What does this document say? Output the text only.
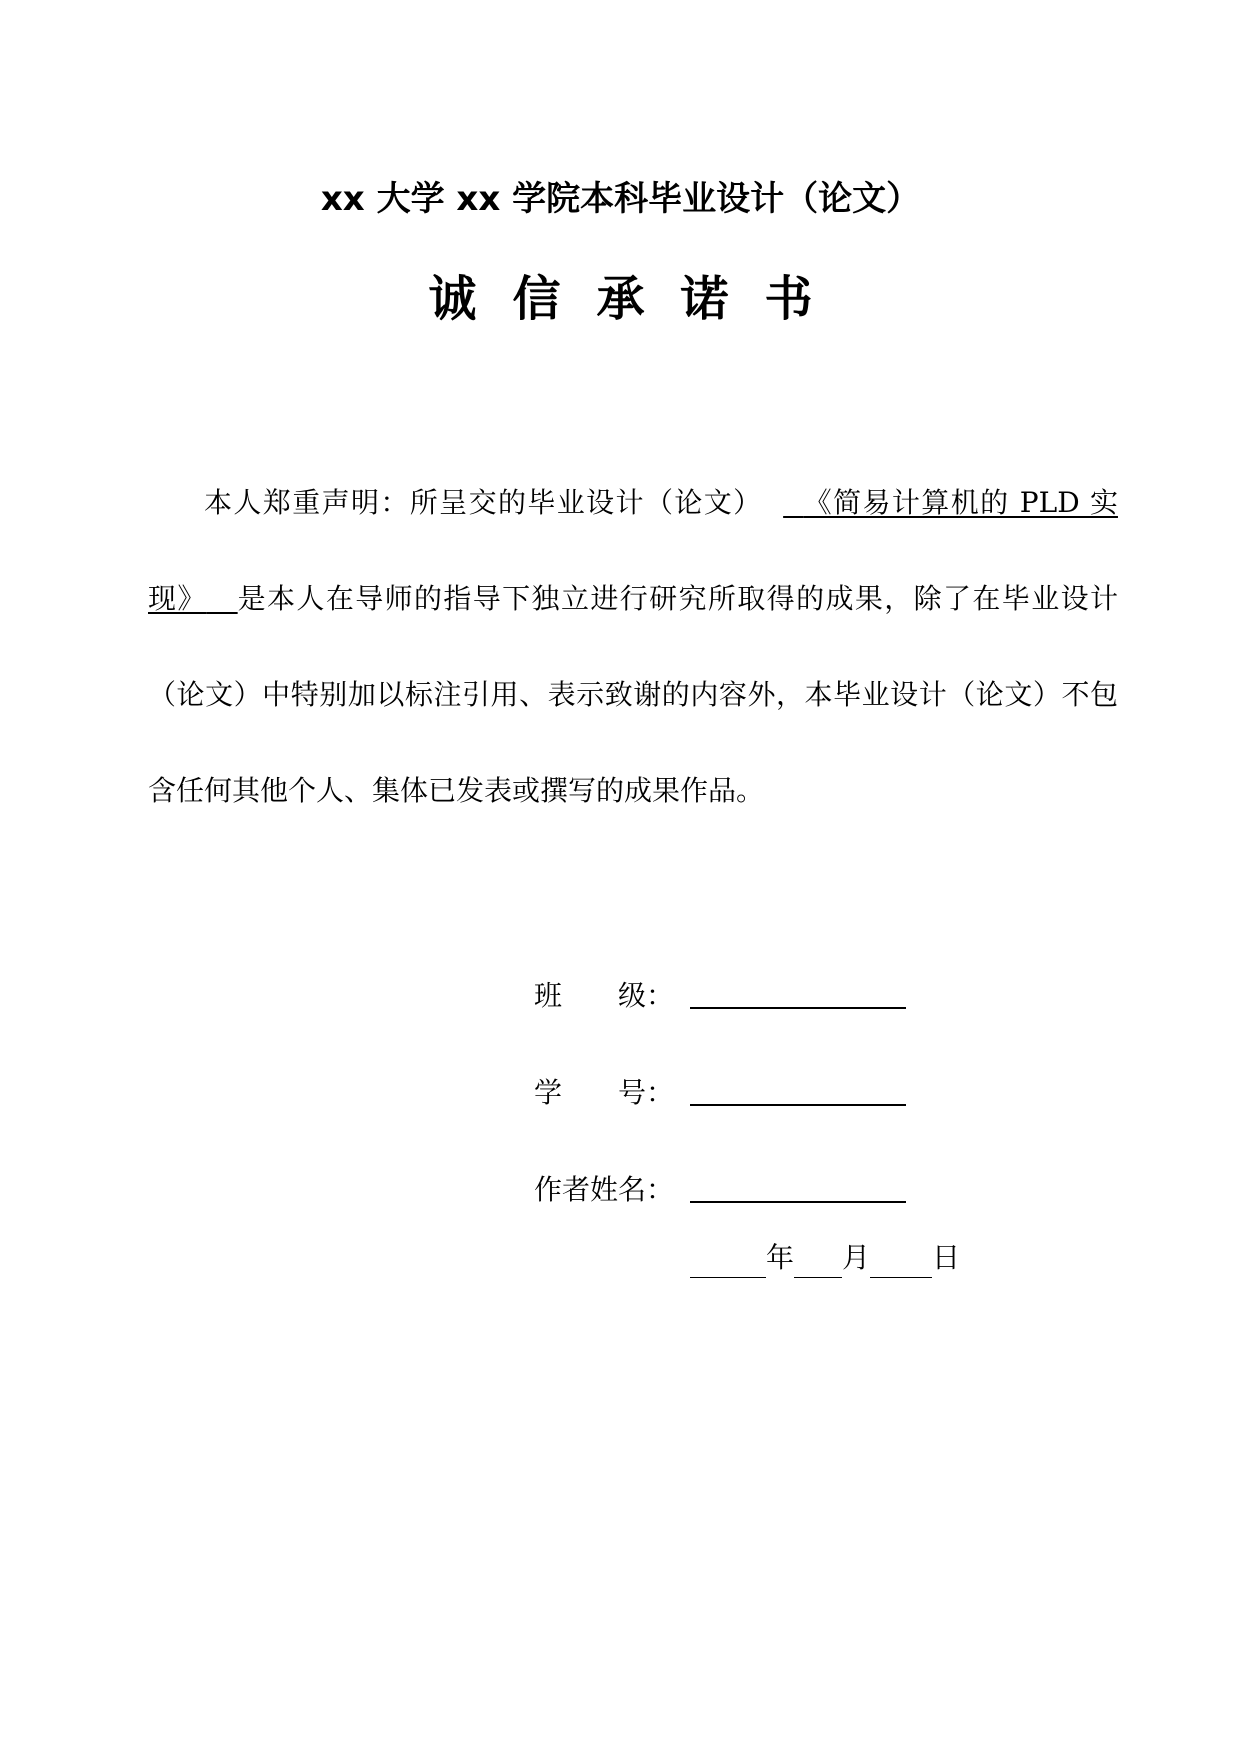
xx 大学 xx 学院本科毕业设计（论文）
诚信承诺书

本人郑重声明：所呈交的毕业设计（论文） 《简易计算机的 PLD 实现》 是本人在导师的指导下独立进行研究所取得的成果，除了在毕业设计（论文）中特别加以标注引用、表示致谢的内容外，本毕业设计（论文）不包含任何其他个人、集体已发表或撰写的成果作品。

班　　级：
学　　号：
作者姓名：
年 月 日
